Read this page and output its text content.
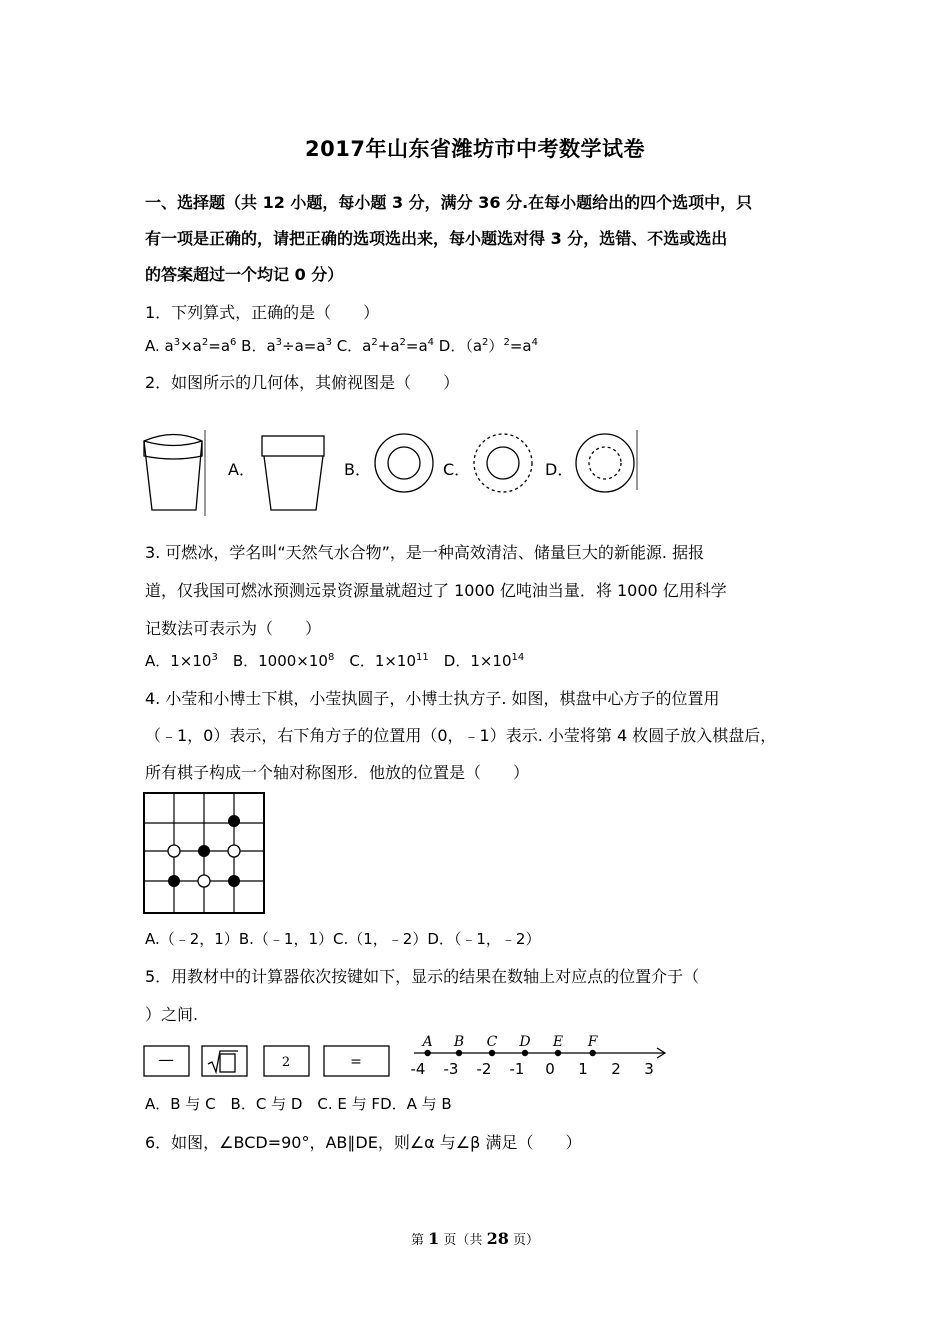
2017年山东省潍坊市中考数学试卷
一、选择题（共 12 小题，每小题 3 分，满分 36 分.在每小题给出的四个选项中，只
有一项是正确的，请把正确的选项选出来，每小题选对得 3 分，选错、不选或选出
的答案超过一个均记 0 分）
1．下列算式，正确的是（　　）
A. $a^3\times a^2=a^6$ B．$a^3\div a=a^3$ C．$a^2+a^2=a^4$ D．$(a^2)^2=a^4$
2．如图所示的几何体，其俯视图是（　　）
A．	B．	C．	D．
3. 可燃冰，学名叫“天然气水合物”，是一种高效清洁、储量巨大的新能源. 据报
道，仅我国可燃冰预测远景资源量就超过了 1000 亿吨油当量．将 1000 亿用科学
记数法可表示为（　　）
A．$1\times 10^3$　B．$1000\times 10^8$　C．$1\times 10^{11}$　D．$1\times 10^{14}$
4. 小莹和小博士下棋，小莹执圆子，小博士执方子. 如图，棋盘中心方子的位置用
（﹣1，0）表示，右下角方子的位置用（0，﹣1）表示. 小莹将第 4 枚圆子放入棋盘后，
所有棋子构成一个轴对称图形．他放的位置是（　　）
A.（﹣2，1）B.（﹣1，1）C.（1，﹣2）D．（﹣1，﹣2）
5．用教材中的计算器依次按键如下，显示的结果在数轴上对应点的位置介于（
）之间.
—	2	=	-4 -3 -2 -1 0 1 2 3
A B C D E F
A．B 与 C　B．C 与 D　C. E 与 FD．A 与 B
6．如图，∠BCD=90°，AB∥DE，则∠α 与∠β 满足（　　）
第 1 页（共 28 页）
